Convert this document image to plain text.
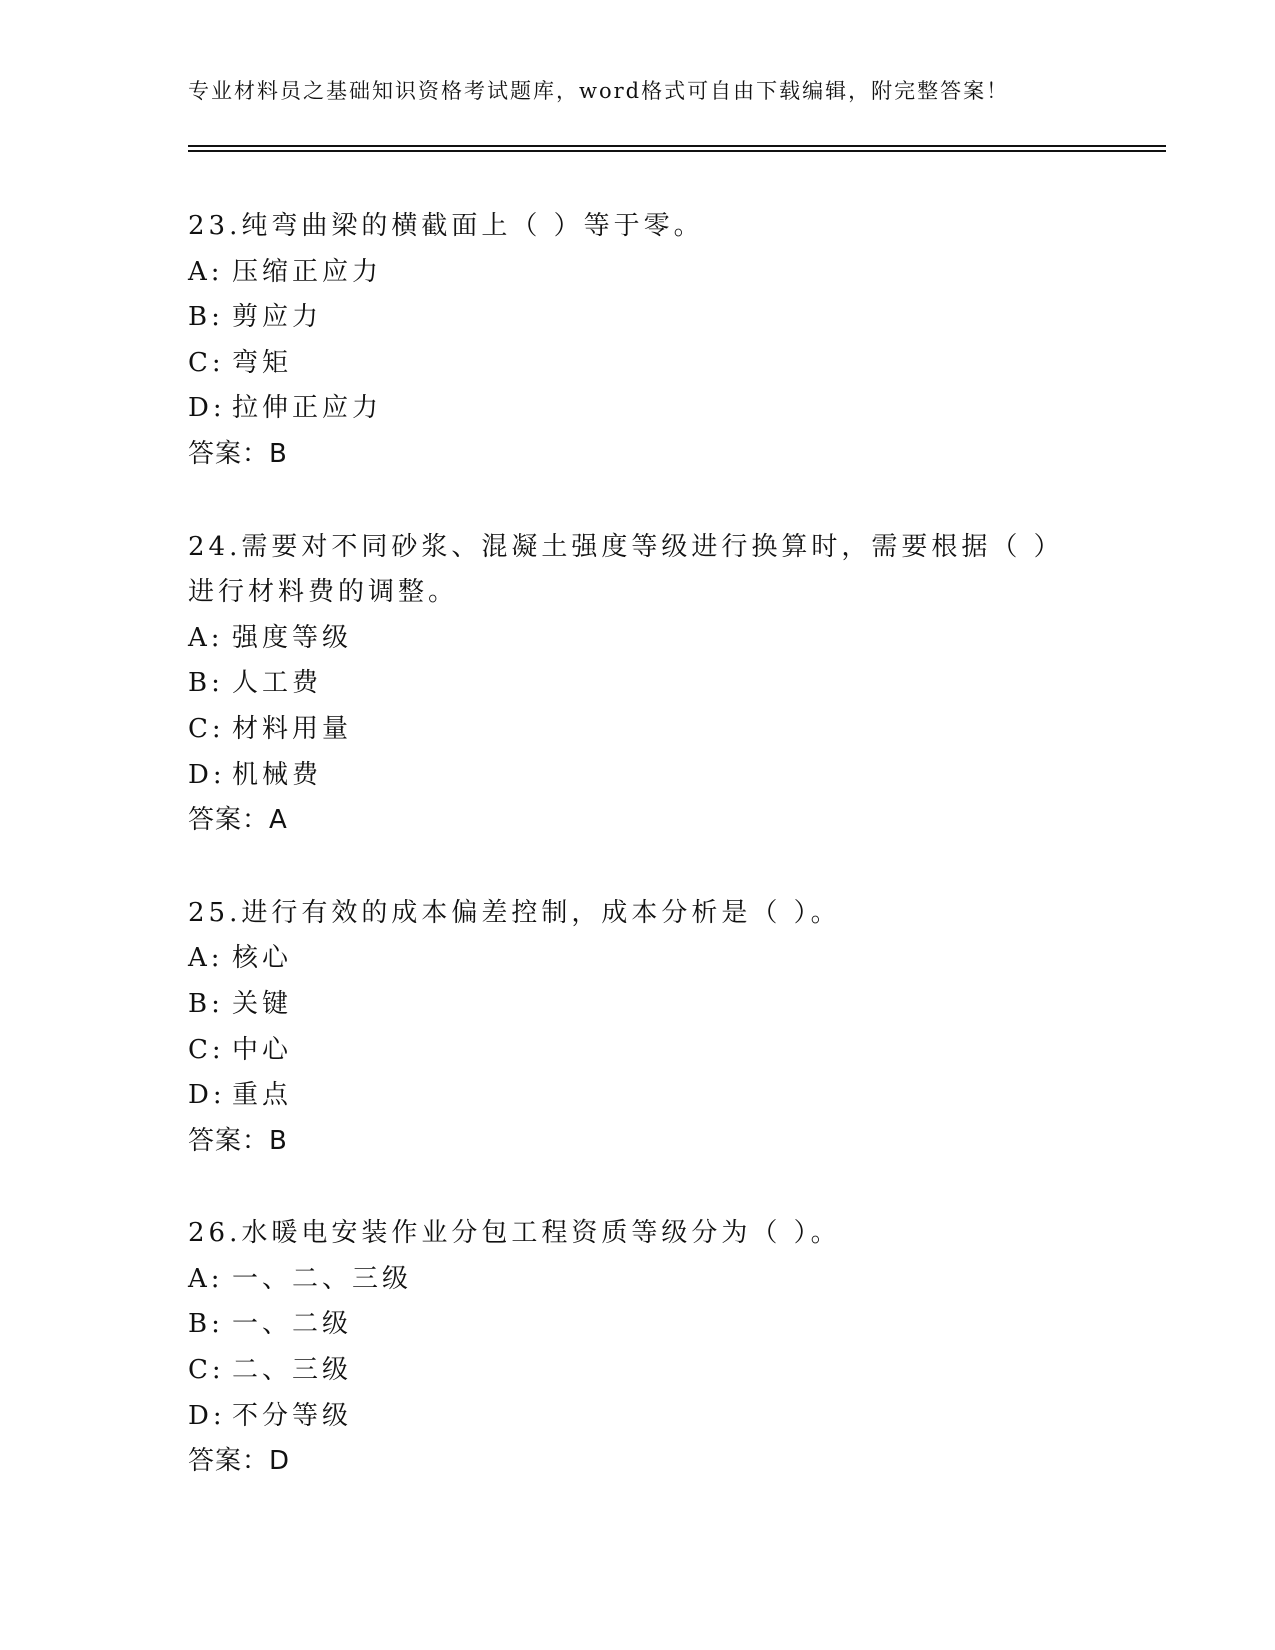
专业材料员之基础知识资格考试题库，word格式可自由下载编辑，附完整答案！
23.纯弯曲梁的横截面上（ ）等于零。
A: 压缩正应力
B: 剪应力
C: 弯矩
D: 拉伸正应力
答案：B
24.需要对不同砂浆、混凝土强度等级进行换算时，需要根据（ ）进行材料费的调整。
A: 强度等级
B: 人工费
C: 材料用量
D: 机械费
答案：A
25.进行有效的成本偏差控制，成本分析是（ ）。
A: 核心
B: 关键
C: 中心
D: 重点
答案：B
26.水暖电安装作业分包工程资质等级分为（ ）。
A: 一、二、三级
B: 一、二级
C: 二、三级
D: 不分等级
答案：D
